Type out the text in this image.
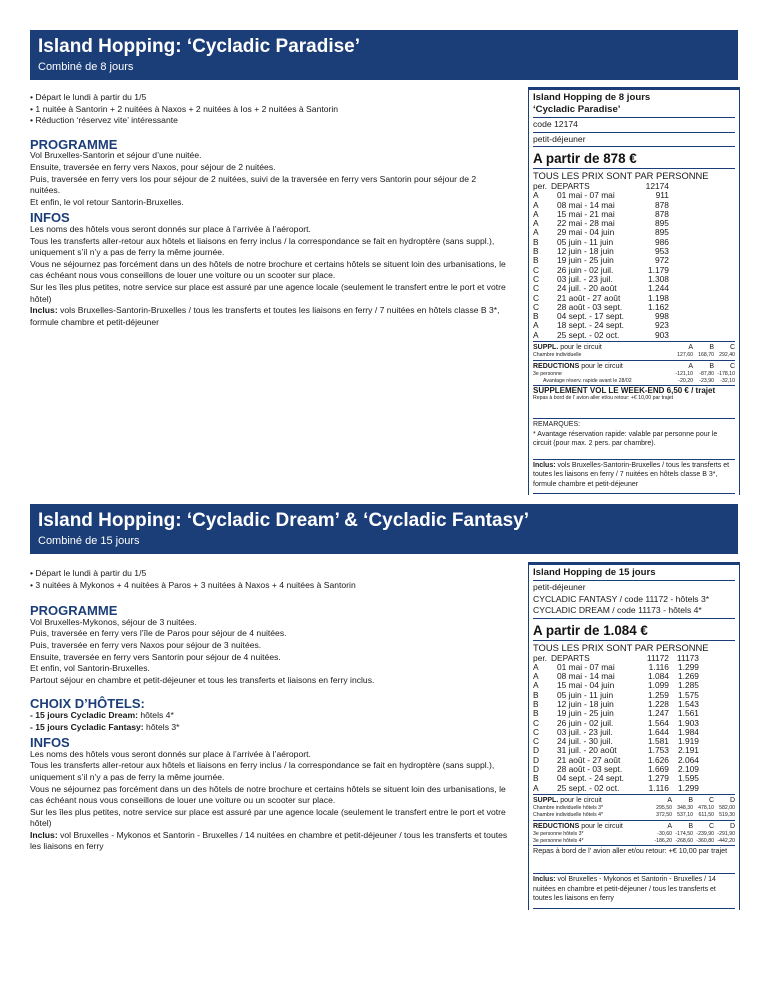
Island Hopping: ‘Cycladic Paradise’
Combiné de 8 jours
• Départ le lundi à partir du 1/5
• 1 nuitée à Santorin + 2 nuitées à Naxos + 2 nuitées à Ios + 2 nuitées à Santorin
• Réduction ‘réservez vite’ intéressante
PROGRAMME

Vol Bruxelles-Santorin et séjour d’une nuitée.

Ensuite, traversée en ferry vers Naxos, pour séjour de 2 nuitées.

Puis, traversée en ferry vers Ios pour séjour de 2 nuitées, suivi de la traversée en ferry vers Santorin pour séjour de 2 nuitées.

Et enfin, le vol retour Santorin-Bruxelles.

INFOS

Les noms des hôtels vous seront donnés sur place à l’arrivée à l’aéroport.

Tous les transferts aller-retour aux hôtels et liaisons en ferry inclus / la correspondance se fait en hydroptère (sans suppl.), uniquement s’il n’y a pas de ferry la même journée.

Vous ne séjournez pas forcément dans un des hôtels de notre brochure et certains hôtels se situent loin des urbanisations, le cas échéant nous vous conseillons de louer une voiture ou un scooter sur place.

Sur les îles plus petites, notre service sur place est assuré par une agence locale (seulement le transfert entre le port et votre hôtel)

Inclus: vols Bruxelles-Santorin-Bruxelles / tous les transferts et toutes les liaisons en ferry / 7 nuitées en hôtels classe B 3*, formule chambre et petit-déjeuner

Island Hopping de 8 jours
‘Cycladic Paradise’
code 12174
petit-déjeuner
A partir de 878 €
TOUS LES PRIX SONT PAR PERSONNE
per.	DEPARTS	12174
A	01 mai - 07 mai	911
A	08 mai - 14 mai	878
A	15 mai - 21 mai	878
A	22 mai - 28 mai	895
A	29 mai - 04 juin	895
B	05 juin - 11 juin	986
B	12 juin - 18 juin	953
B	19 juin - 25 juin	972
C	26 juin - 02 juil.	1.179
C	03 juil. - 23 juil.	1.308
C	24 juil. - 20 août	1.244
C	21 août - 27 août	1.198
C	28 août - 03 sept.	1.162
B	04 sept. - 17 sept.	998
A	18 sept. - 24 sept.	923
A	25 sept. - 02 oct.	903
SUPPL. pour le circuit	A	B	C
Chambre individuelle	127,60 168,70 292,40
REDUCTIONS pour le circuit	A	B	C
3e personne	-121,10	-87,80 -178,10
Avantage réserv. rapide avant le 28/02	-20,20	-23,90	-32,10
SUPPLEMENT VOL LE WEEK-END 6,50 € / trajet
Repas à bord de l’ avion aller et/ou retour: +€ 10,00 par trajet
REMARQUES:
* Avantage réservation rapide: valable par personne pour le circuit (pour max. 2 pers. par chambre).
Inclus: vols Bruxelles-Santorin-Bruxelles / tous les transferts et toutes les liaisons en ferry / 7 nuitées en hôtels classe B 3*, formule chambre et petit-déjeuner
Island Hopping: ‘Cycladic Dream’ & ‘Cycladic Fantasy’
Combiné de 15 jours
• Départ le lundi à partir du 1/5
• 3 nuitées à Mykonos + 4 nuitées à Paros + 3 nuitées à Naxos + 4 nuitées à Santorin
PROGRAMME

Vol Bruxelles-Mykonos, séjour de 3 nuitées.

Puis, traversée en ferry vers l’île de Paros pour séjour de 4 nuitées.

Puis, traversée en ferry vers Naxos pour séjour de 3 nuitées.

Ensuite, traversée en ferry vers Santorin pour séjour de 4 nuitées.

Et enfin, vol Santorin-Bruxelles.

Partout séjour en chambre et petit-déjeuner et tous les transferts et liaisons en ferry inclus.

CHOIX D’HÔTELS:

- 15 jours Cycladic Dream: hôtels 4*

- 15 jours Cycladic Fantasy: hôtels 3*

INFOS

Les noms des hôtels vous seront donnés sur place à l’arrivée à l’aéroport.

Tous les transferts aller-retour aux hôtels et liaisons en ferry inclus / la correspondance se fait en hydroptère (sans suppl.), uniquement s’il n’y a pas de ferry la même journée.

Vous ne séjournez pas forcément dans un des hôtels de notre brochure et certains hôtels se situent loin des urbanisations, le cas échéant nous vous conseillons de louer une voiture ou un scooter sur place.

Sur les îles plus petites, notre service sur place est assuré par une agence locale (seulement le transfert entre le port et votre hôtel)

Inclus: vol Bruxelles - Mykonos et Santorin - Bruxelles / 14 nuitées en chambre et petit-déjeuner / tous les transferts et toutes les liaisons en ferry

Island Hopping de 15 jours
petit-déjeuner
CYCLADIC FANTASY / code 11172 - hôtels 3*
CYCLADIC DREAM / code 11173 - hôtels 4*
A partir de 1.084 €
TOUS LES PRIX SONT PAR PERSONNE
per.	DEPARTS	11172	11173
A	01 mai - 07 mai	1.116	1.299
A	08 mai - 14 mai	1.084	1.269
A	15 mai - 04 juin	1.099	1.285
B	05 juin - 11 juin	1.259	1.575
B	12 juin - 18 juin	1.228	1.543
B	19 juin - 25 juin	1.247	1.561
C	26 juin - 02 juil.	1.564	1.903
C	03 juil. - 23 juil.	1.644	1.984
C	24 juil. - 30 juil.	1.581	1.919
D	31 juil. - 20 août	1.753	2.191
D	21 août - 27 août	1.626	2.064
D	28 août - 03 sept.	1.669	2.109
B	04 sept. - 24 sept.	1.279	1.595
A	25 sept. - 02 oct.	1.116	1.299
SUPPL. pour le circuit	A	B	C	D
Chambre individuelle hôtels 3*	295,50 348,30 478,10 582,00
Chambre individuelle hôtels 4*	372,50 537,10	611,50 519,30
REDUCTIONS pour le circuit	A	B	C	D
3e personne hôtels 3*	-30,60 -174,50 -239,90 -291,90
3e personne hôtels 4*	-186,20 -268,60 -360,80 -442,20
Repas à bord de l’ avion aller et/ou retour: +€ 10,00 par trajet
Inclus: vol Bruxelles - Mykonos et Santorin - Bruxelles / 14 nuitées en chambre et petit-déjeuner / tous les transferts et toutes les liaisons en ferry
